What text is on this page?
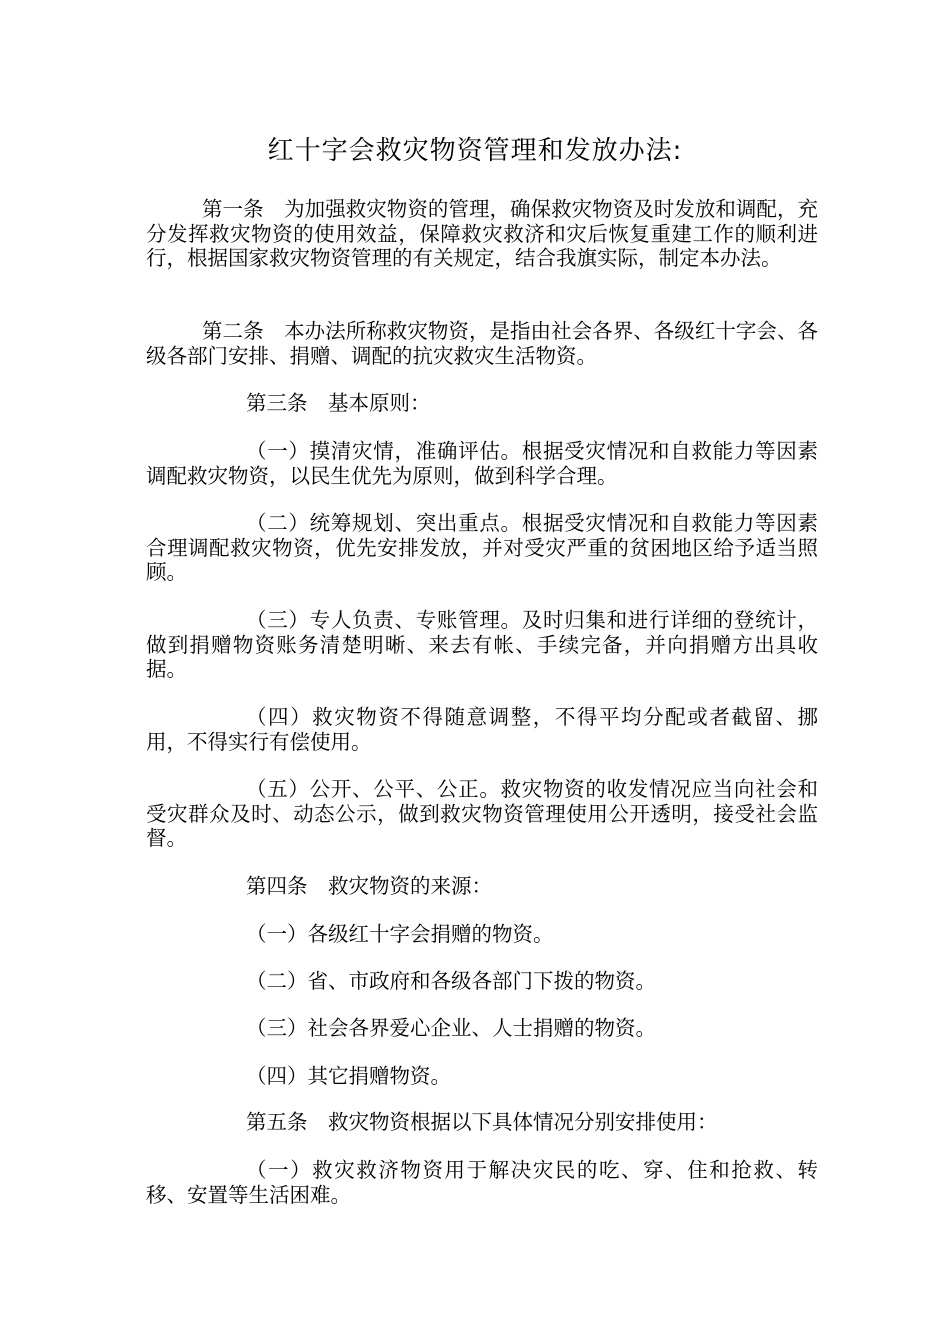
红十字会救灾物资管理和发放办法:

第一条　为加强救灾物资的管理，确保救灾物资及时发放和调配，充分发挥救灾物资的使用效益，保障救灾救济和灾后恢复重建工作的顺利进行，根据国家救灾物资管理的有关规定，结合我旗实际，制定本办法。

第二条　本办法所称救灾物资，是指由社会各界、各级红十字会、各级各部门安排、捐赠、调配的抗灾救灾生活物资。

第三条　基本原则：

（一）摸清灾情，准确评估。根据受灾情况和自救能力等因素调配救灾物资，以民生优先为原则，做到科学合理。

（二）统筹规划、突出重点。根据受灾情况和自救能力等因素合理调配救灾物资，优先安排发放，并对受灾严重的贫困地区给予适当照顾。

（三）专人负责、专账管理。及时归集和进行详细的登统计，做到捐赠物资账务清楚明晰、来去有帐、手续完备，并向捐赠方出具收据。

（四）救灾物资不得随意调整，不得平均分配或者截留、挪用，不得实行有偿使用。

（五）公开、公平、公正。救灾物资的收发情况应当向社会和受灾群众及时、动态公示，做到救灾物资管理使用公开透明，接受社会监督。

第四条　救灾物资的来源：

（一）各级红十字会捐赠的物资。

（二）省、市政府和各级各部门下拨的物资。

（三）社会各界爱心企业、人士捐赠的物资。

（四）其它捐赠物资。

第五条　救灾物资根据以下具体情况分别安排使用：

（一）救灾救济物资用于解决灾民的吃、穿、住和抢救、转移、安置等生活困难。
